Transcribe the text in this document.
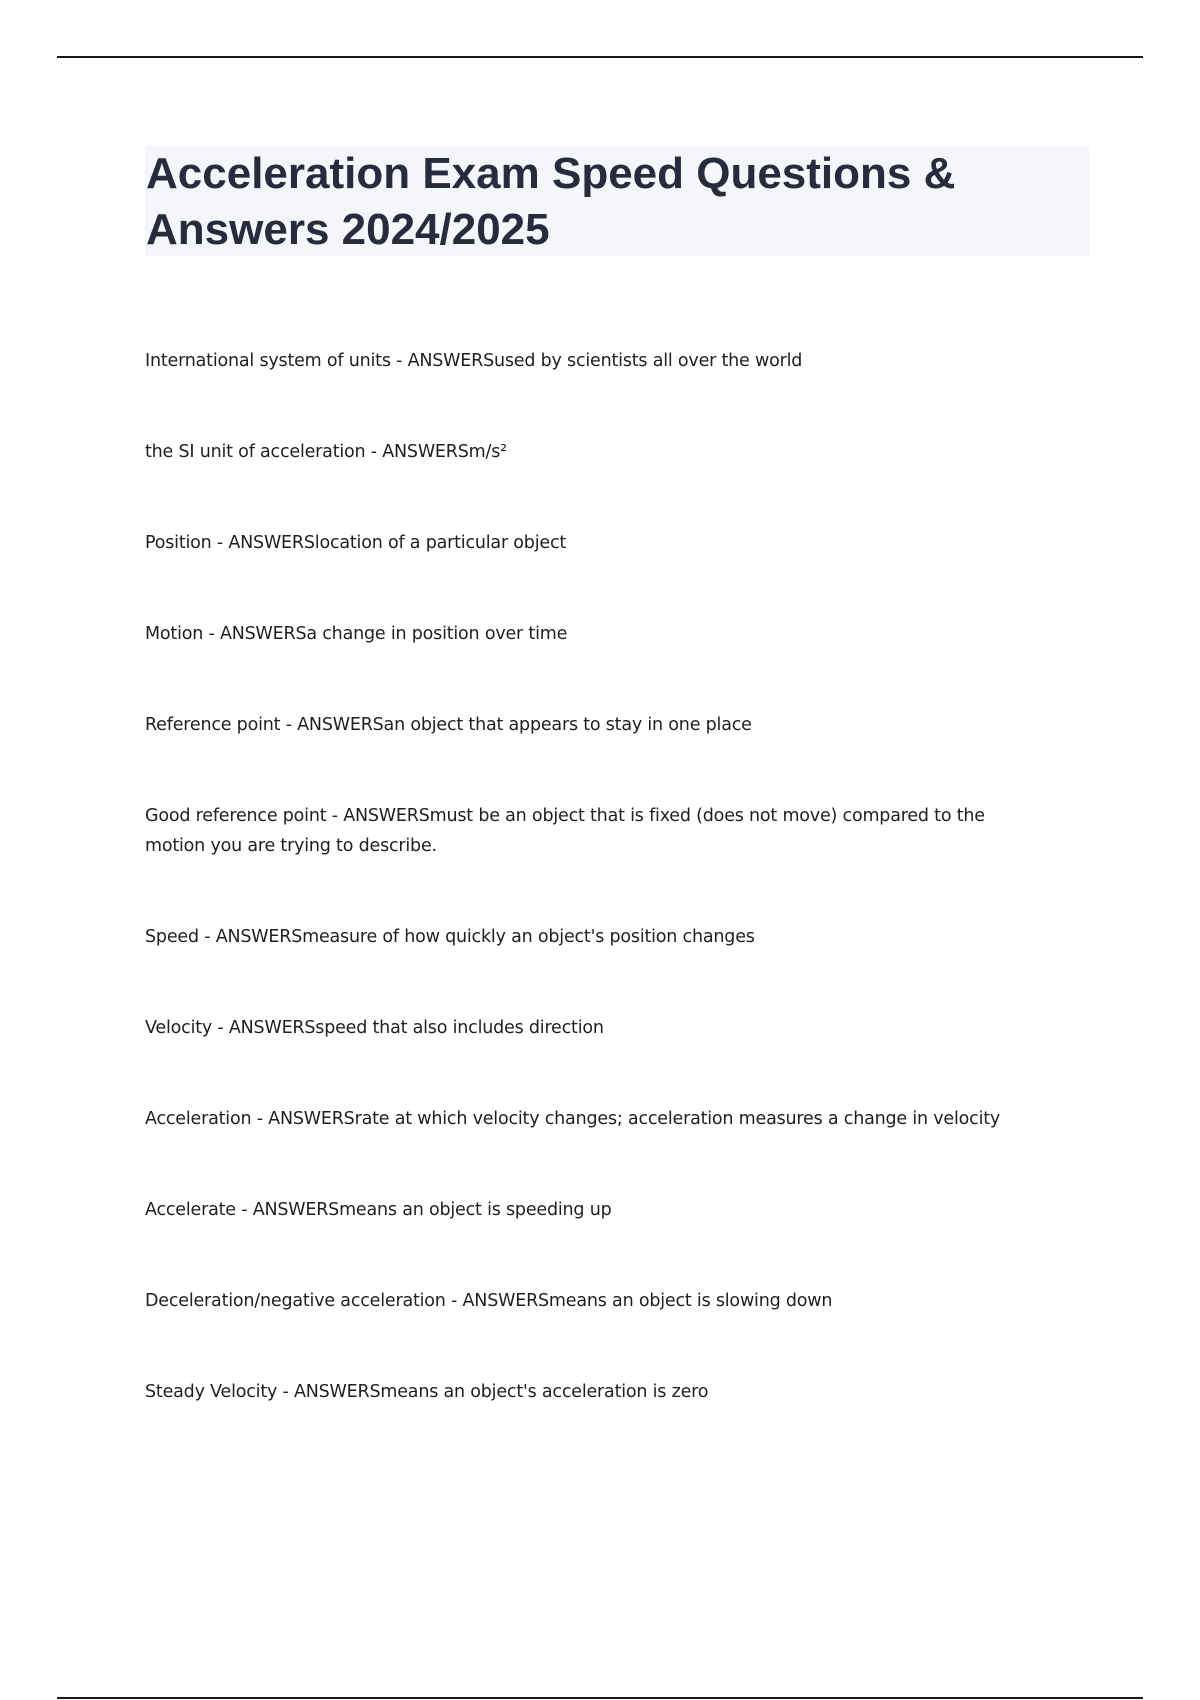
Acceleration Exam Speed Questions & Answers 2024/2025
International system of units - ANSWERSused by scientists all over the world
the SI unit of acceleration - ANSWERSm/s²
Position - ANSWERSlocation of a particular object
Motion - ANSWERSa change in position over time
Reference point - ANSWERSan object that appears to stay in one place
Good reference point - ANSWERSmust be an object that is fixed (does not move) compared to the motion you are trying to describe.
Speed - ANSWERSmeasure of how quickly an object's position changes
Velocity - ANSWERSspeed that also includes direction
Acceleration - ANSWERSrate at which velocity changes; acceleration measures a change in velocity
Accelerate - ANSWERSmeans an object is speeding up
Deceleration/negative acceleration - ANSWERSmeans an object is slowing down
Steady Velocity - ANSWERSmeans an object's acceleration is zero
